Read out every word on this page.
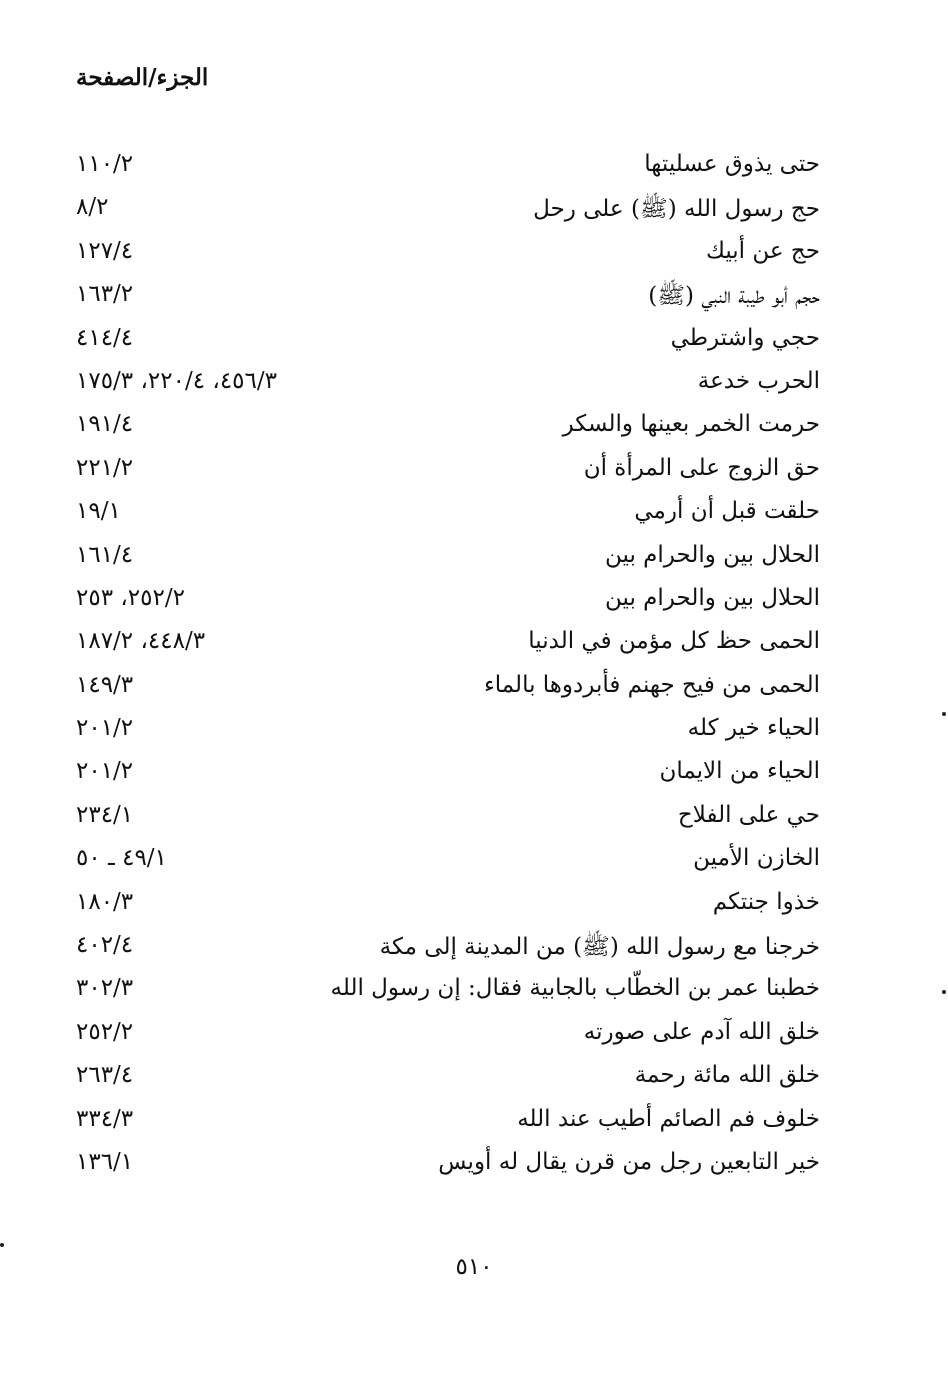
الجزء/الصفحة
حتى يذوق عسليتها
١١٠/٢
حج رسول الله (ﷺ) على رحل
٨/٢
حج عن أبيك
١٢٧/٤
حجم أبو طيبة النبي (ﷺ)
١٦٣/٢
حجي واشترطي
٤١٤/٤
الحرب خدعة
٤٥٦/٣، ٢٢٠/٤، ١٧٥/٣
حرمت الخمر بعينها والسكر
١٩١/٤
حق الزوج على المرأة أن
٢٢١/٢
حلقت قبل أن أرمي
١٩/١
الحلال بين والحرام بين
١٦١/٤
الحلال بين والحرام بين
٢٥٢/٢، ٢٥٣
الحمى حظ كل مؤمن في الدنيا
٤٤٨/٣، ١٨٧/٢
الحمى من فيح جهنم فأبردوها بالماء
١٤٩/٣
الحياء خير كله
٢٠١/٢
الحياء من الايمان
٢٠١/٢
حي على الفلاح
٢٣٤/١
الخازن الأمين
٤٩/١ ـ ٥٠
خذوا جنتكم
١٨٠/٣
خرجنا مع رسول الله (ﷺ) من المدينة إلى مكة
٤٠٢/٤
خطبنا عمر بن الخطّاب بالجابية فقال: إن رسول الله
٣٠٢/٣
خلق الله آدم على صورته
٢٥٢/٢
خلق الله مائة رحمة
٢٦٣/٤
خلوف فم الصائم أطيب عند الله
٣٣٤/٣
خير التابعين رجل من قرن يقال له أويس
١٣٦/١
٥١٠
